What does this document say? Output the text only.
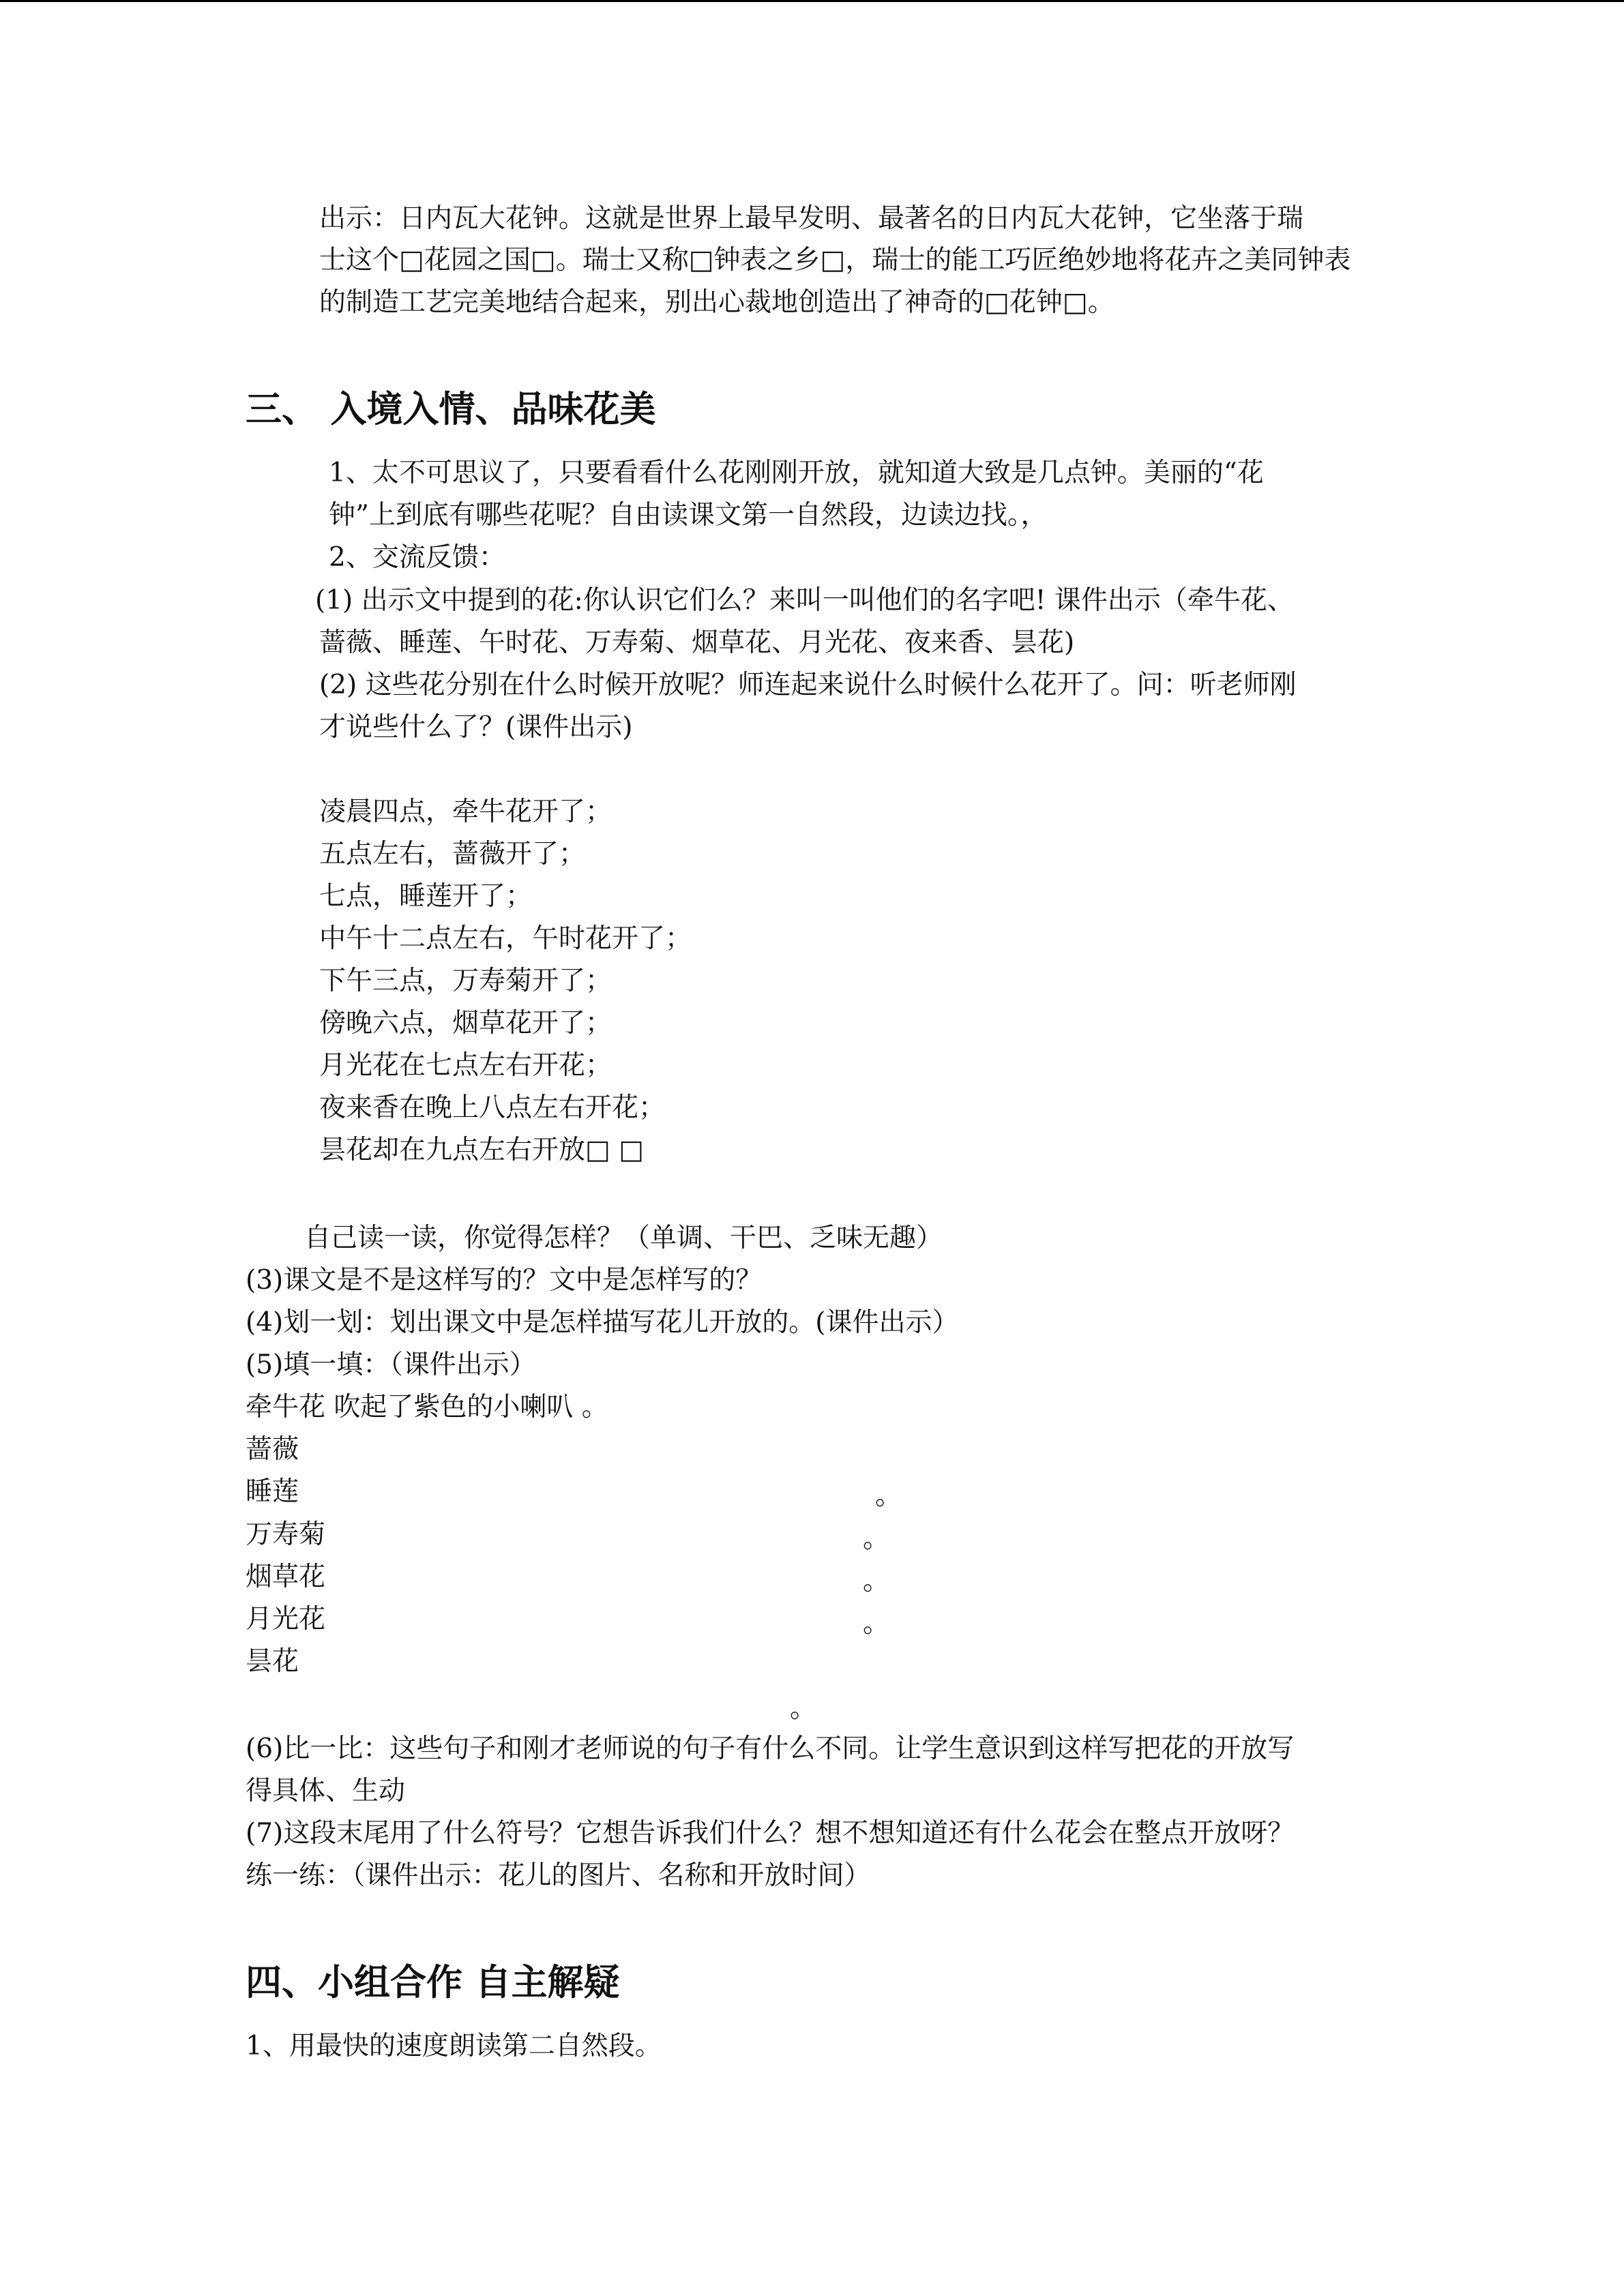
出示：日内瓦大花钟。这就是世界上最早发明、最著名的日内瓦大花钟，它坐落于瑞

士这个□花园之国□。瑞士又称□钟表之乡□，瑞士的能工巧匠绝妙地将花卉之美同钟表

的制造工艺完美地结合起来，别出心裁地创造出了神奇的□花钟□。

三、 入境入情、品味花美

1、太不可思议了，只要看看什么花刚刚开放，就知道大致是几点钟。美丽的“花

钟”上到底有哪些花呢？自由读课文第一自然段，边读边找。，

2、交流反馈：

(1) 出示文中提到的花:你认识它们么？来叫一叫他们的名字吧! 课件出示（牵牛花、

蔷薇、睡莲、午时花、万寿菊、烟草花、月光花、夜来香、昙花)

(2) 这些花分别在什么时候开放呢？师连起来说什么时候什么花开了。问：听老师刚

才说些什么了？(课件出示)

凌晨四点，牵牛花开了；

五点左右，蔷薇开了；

七点，睡莲开了；

中午十二点左右，午时花开了；

下午三点，万寿菊开了；

傍晚六点，烟草花开了；

月光花在七点左右开花；

夜来香在晚上八点左右开花；

昙花却在九点左右开放□ □

自己读一读，你觉得怎样？（单调、干巴、乏味无趣）

(3)课文是不是这样写的？文中是怎样写的？

(4)划一划：划出课文中是怎样描写花儿开放的。(课件出示）

(5)填一填：（课件出示）

牵牛花 吹起了紫色的小喇叭 。

蔷薇

睡莲	。

万寿菊	。

烟草花	。

月光花	。

昙花

。

(6)比一比：这些句子和刚才老师说的句子有什么不同。让学生意识到这样写把花的开放写

得具体、生动

(7)这段末尾用了什么符号？它想告诉我们什么？想不想知道还有什么花会在整点开放呀？

练一练：（课件出示：花儿的图片、名称和开放时间）

四、小组合作 自主解疑

1、用最快的速度朗读第二自然段。
